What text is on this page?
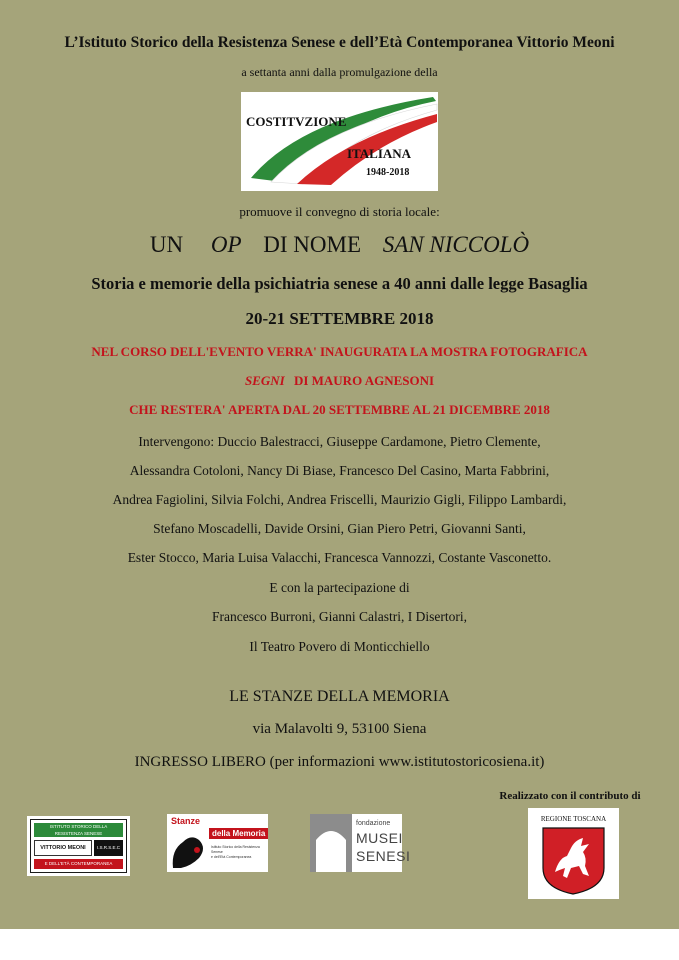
L’Istituto Storico della Resistenza Senese e dell’Età Contemporanea Vittorio Meoni
a settanta anni dalla promulgazione della
COSTITVZIONE
ITALIANA
1948-2018
promuove il convegno di storia locale:
UN OP DI NOME SAN NICCOLÒ
Storia e memorie della psichiatria senese a 40 anni dalle legge Basaglia
20-21 SETTEMBRE 2018
NEL CORSO DELL'EVENTO VERRA' INAUGURATA LA MOSTRA FOTOGRAFICA
SEGNI DI MAURO AGNESONI
CHE RESTERA' APERTA DAL 20 SETTEMBRE AL 21 DICEMBRE 2018
Intervengono: Duccio Balestracci, Giuseppe Cardamone, Pietro Clemente,
Alessandra Cotoloni, Nancy Di Biase, Francesco Del Casino, Marta Fabbrini,
Andrea Fagiolini, Silvia Folchi, Andrea Friscelli, Maurizio Gigli, Filippo Lambardi,
Stefano Moscadelli, Davide Orsini, Gian Piero Petri, Giovanni Santi,
Ester Stocco, Maria Luisa Valacchi, Francesca Vannozzi, Costante Vasconetto.
E con la partecipazione di
Francesco Burroni, Gianni Calastri, I Disertori,
Il Teatro Povero di Monticchiello
LE STANZE DELLA MEMORIA
via Malavolti 9, 53100 Siena
INGRESSO LIBERO (per informazioni www.istitutostoricosiena.it)
Realizzato con il contributo di
ISTITUTO STORICO DELLA
RESISTENZA SENESE
VITTORIO MEONI	I.S.R.S.E.C
E DELL'ETÀ CONTEMPORANEA
Stanze
della Memoria
Istituto Storico della Resistenza Senese
e dell'Età Contemporanea
fondazione
MUSEI
SENESI
REGIONE TOSCANA
